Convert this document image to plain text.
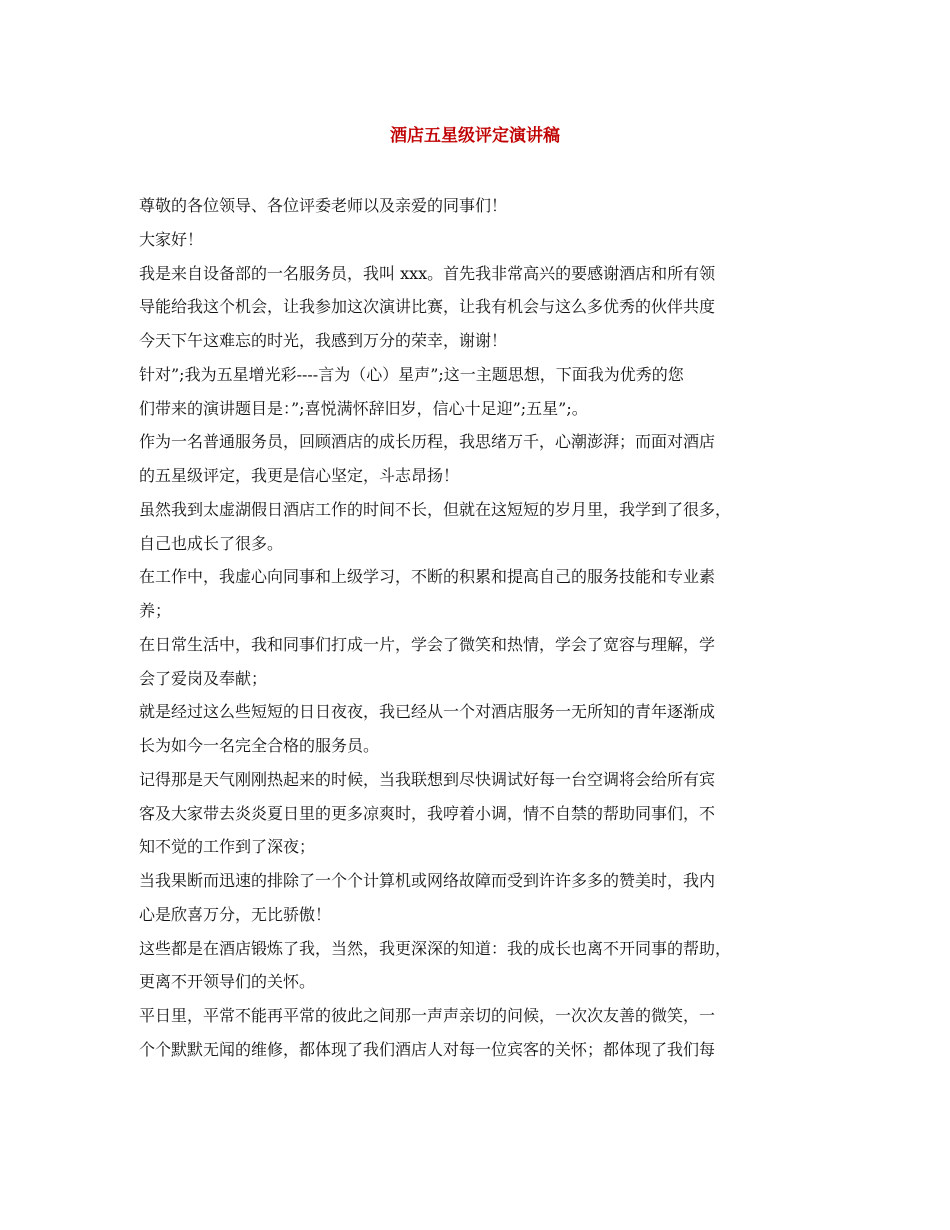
酒店五星级评定演讲稿
尊敬的各位领导、各位评委老师以及亲爱的同事们！
大家好！
我是来自设备部的一名服务员，我叫 xxx。首先我非常高兴的要感谢酒店和所有领
导能给我这个机会，让我参加这次演讲比赛，让我有机会与这么多优秀的伙伴共度
今天下午这难忘的时光，我感到万分的荣幸，谢谢！
针对”;我为五星增光彩----言为（心）星声”;这一主题思想，下面我为优秀的您
们带来的演讲题目是：”;喜悦满怀辞旧岁，信心十足迎”;五星”;。
作为一名普通服务员，回顾酒店的成长历程，我思绪万千，心潮澎湃；而面对酒店
的五星级评定，我更是信心坚定，斗志昂扬！
虽然我到太虚湖假日酒店工作的时间不长，但就在这短短的岁月里，我学到了很多，
自己也成长了很多。
在工作中，我虚心向同事和上级学习，不断的积累和提高自己的服务技能和专业素
养；
在日常生活中，我和同事们打成一片，学会了微笑和热情，学会了宽容与理解，学
会了爱岗及奉献；
就是经过这么些短短的日日夜夜，我已经从一个对酒店服务一无所知的青年逐渐成
长为如今一名完全合格的服务员。
记得那是天气刚刚热起来的时候，当我联想到尽快调试好每一台空调将会给所有宾
客及大家带去炎炎夏日里的更多凉爽时，我哼着小调，情不自禁的帮助同事们，不
知不觉的工作到了深夜；
当我果断而迅速的排除了一个个计算机或网络故障而受到许许多多的赞美时，我内
心是欣喜万分，无比骄傲！
这些都是在酒店锻炼了我，当然，我更深深的知道：我的成长也离不开同事的帮助，
更离不开领导们的关怀。
平日里，平常不能再平常的彼此之间那一声声亲切的问候，一次次友善的微笑，一
个个默默无闻的维修，都体现了我们酒店人对每一位宾客的关怀；都体现了我们每
